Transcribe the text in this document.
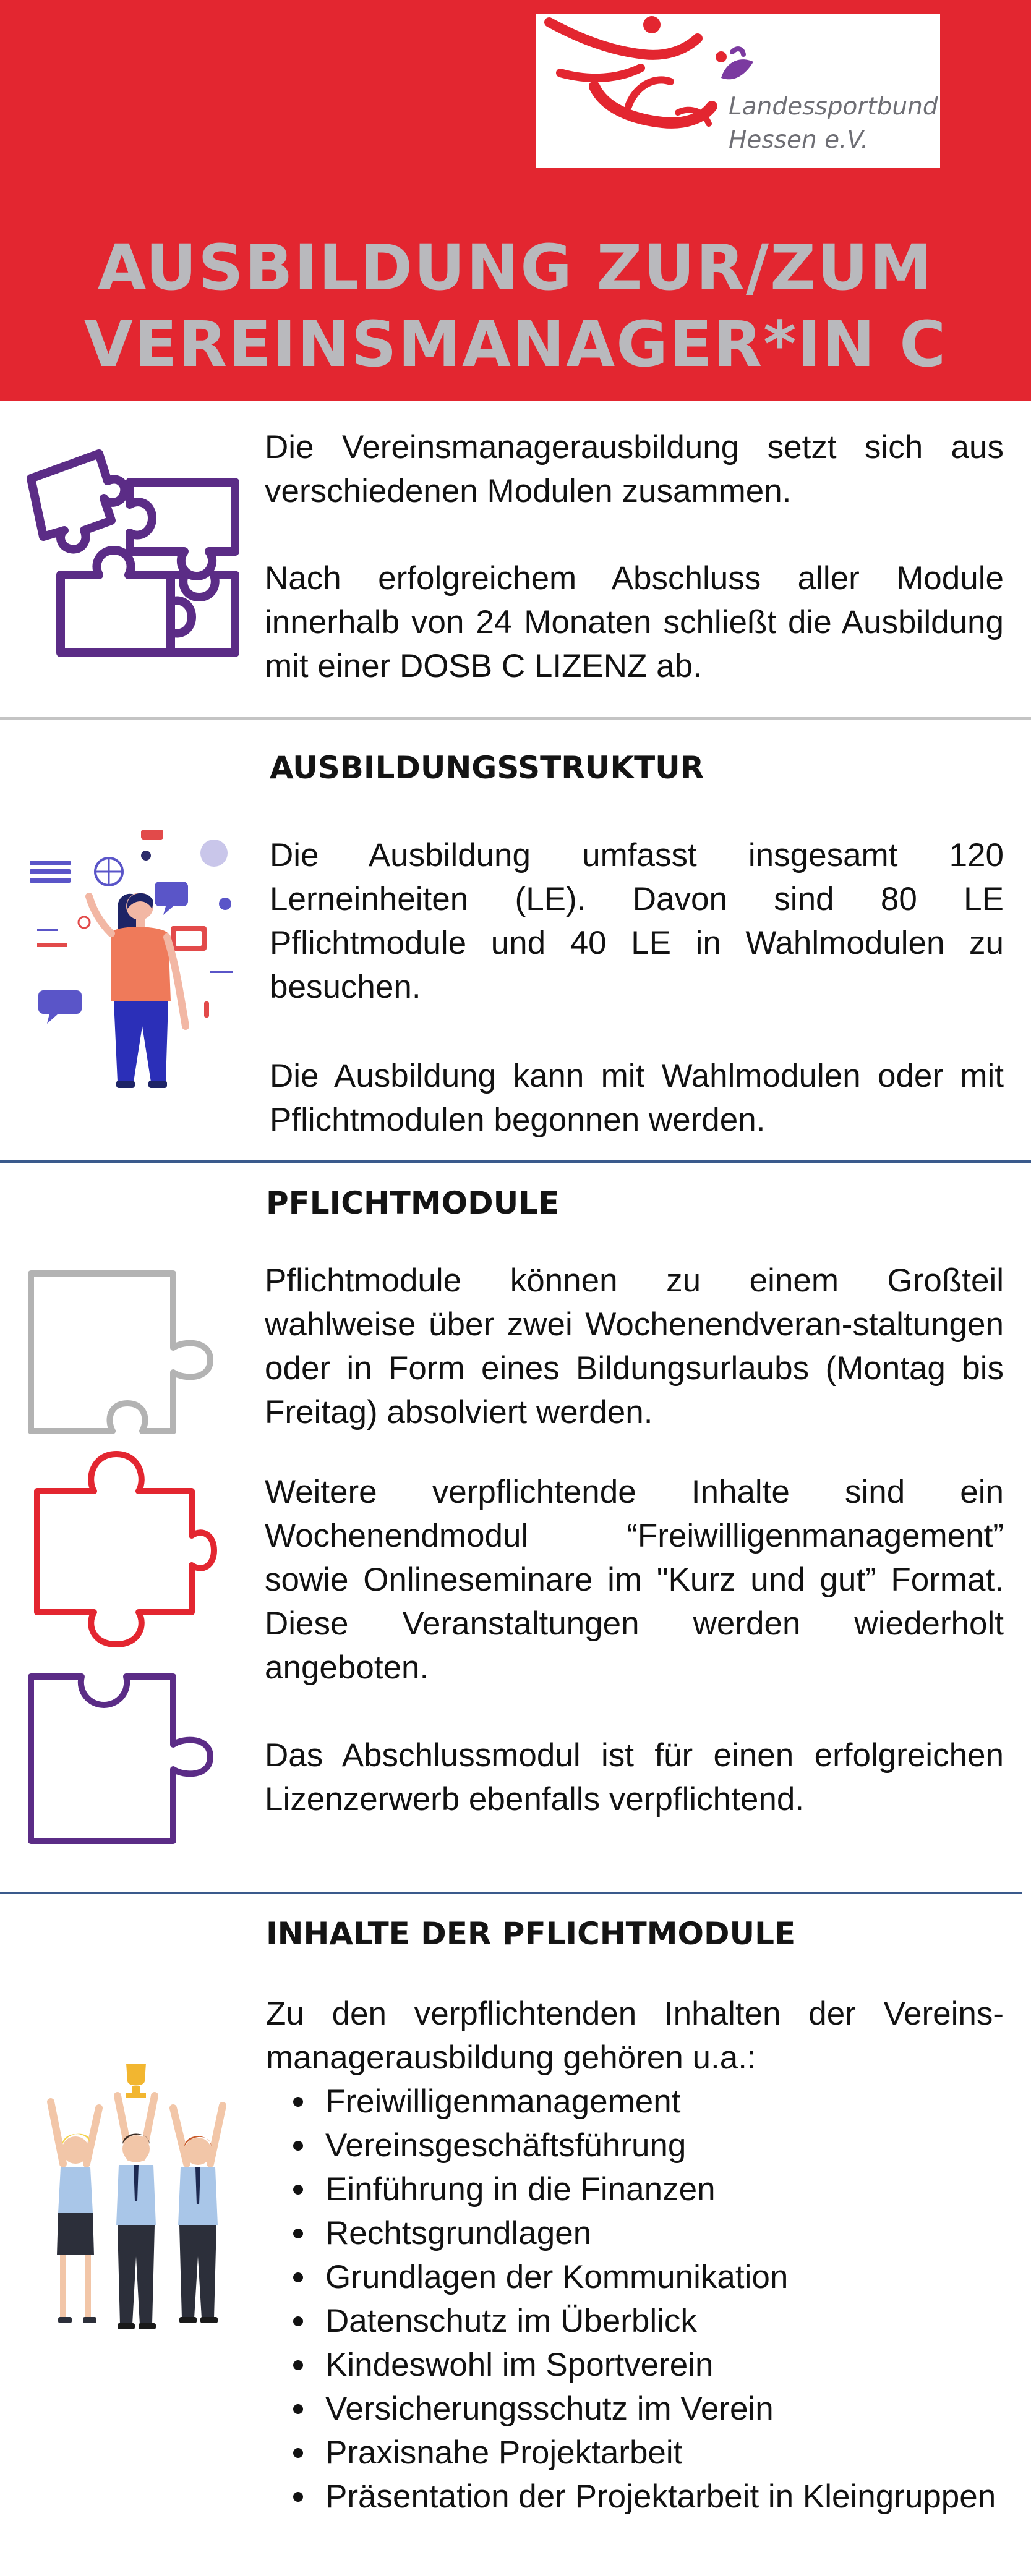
Landessportbund
Hessen e.V.
AUSBILDUNG ZUR/ZUM
VEREINSMANAGER*IN C
Die Vereinsmanagerausbildung setzt sich aus verschiedenen Modulen zusammen.
Nach erfolgreichem Abschluss aller Module innerhalb von 24 Monaten schließt die Ausbildung mit einer DOSB C LIZENZ ab.
AUSBILDUNGSSTRUKTUR
Die Ausbildung umfasst insgesamt 120 Lerneinheiten (LE). Davon sind 80 LE Pflichtmodule und 40 LE in Wahlmodulen zu besuchen.
Die Ausbildung kann mit Wahlmodulen oder mit Pflichtmodulen begonnen werden.
PFLICHTMODULE
Pflichtmodule können zu einem Großteil wahlweise über zwei Wochenendveran-staltungen oder in Form eines Bildungsurlaubs (Montag bis Freitag) absolviert werden.
Weitere verpflichtende Inhalte sind ein Wochenendmodul “Freiwilligenmanagement” sowie Onlineseminare im "Kurz und gut” Format. Diese Veranstaltungen werden wiederholt angeboten.
Das Abschlussmodul ist für einen erfolgreichen Lizenzerwerb ebenfalls verpflichtend.
INHALTE DER PFLICHTMODULE
Zu den verpflichtenden Inhalten der Vereins-managerausbildung gehören u.a.:
Freiwilligenmanagement
Vereinsgeschäftsführung
Einführung in die Finanzen
Rechtsgrundlagen
Grundlagen der Kommunikation
Datenschutz im Überblick
Kindeswohl im Sportverein
Versicherungsschutz im Verein
Praxisnahe Projektarbeit
Präsentation der Projektarbeit in Kleingruppen
